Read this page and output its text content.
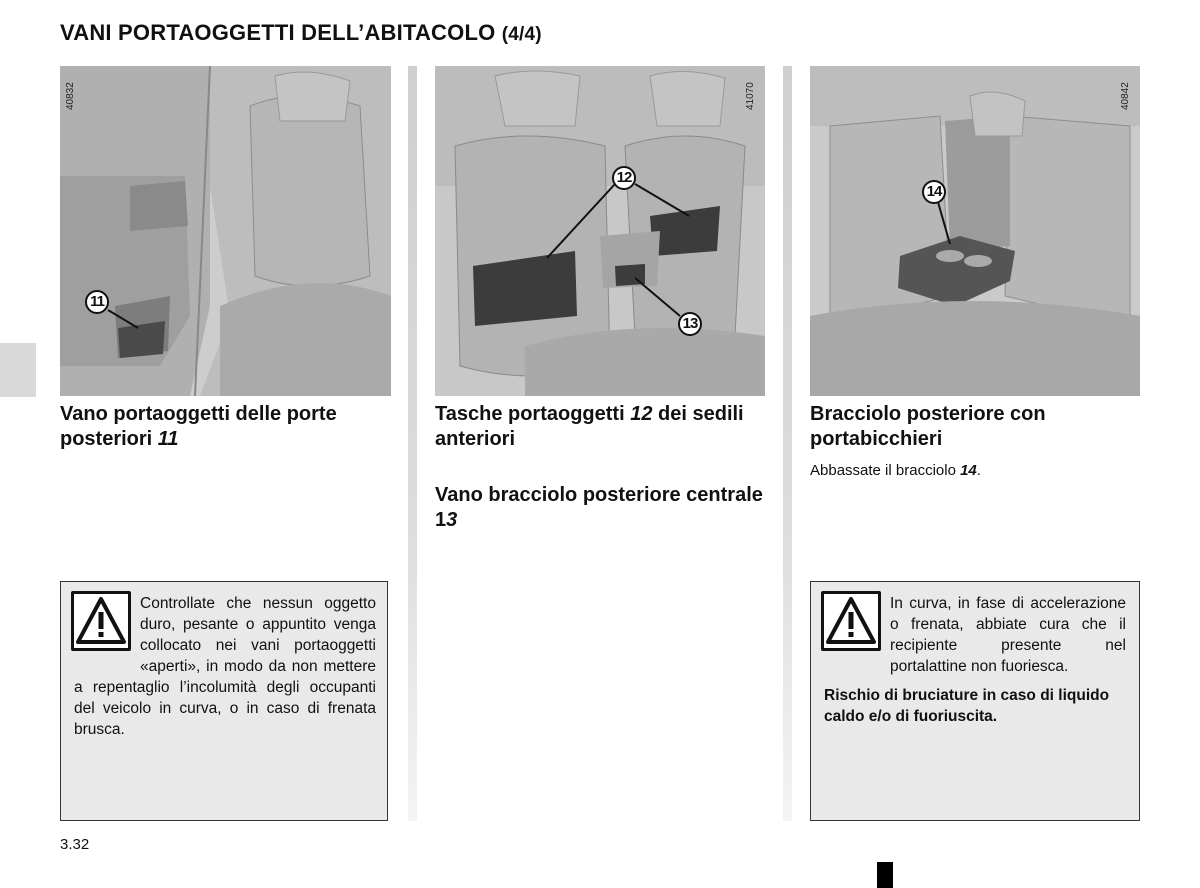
VANI PORTAOGGETTI DELL’ABITACOLO (4/4)
40832
11
41070
12
13
40842
14
Vano portaoggetti delle porte posteriori 11
Tasche portaoggetti 12 dei sedili anteriori
Vano bracciolo posteriore centrale 13
Bracciolo posteriore con portabicchieri
Abbassate il bracciolo 14.

Controllate che nessun oggetto duro, pesante o appuntito venga collocato nei vani portaoggetti «aperti», in modo da non mettere a repentaglio l’incolumità degli occupanti del veicolo in curva, o in caso di frenata brusca.

In curva, in fase di accelerazione o frenata, abbiate cura che il recipiente presente nel portalattine non fuoriesca.

Rischio di bruciature in caso di liquido caldo e/o di fuoriuscita.

3.32
